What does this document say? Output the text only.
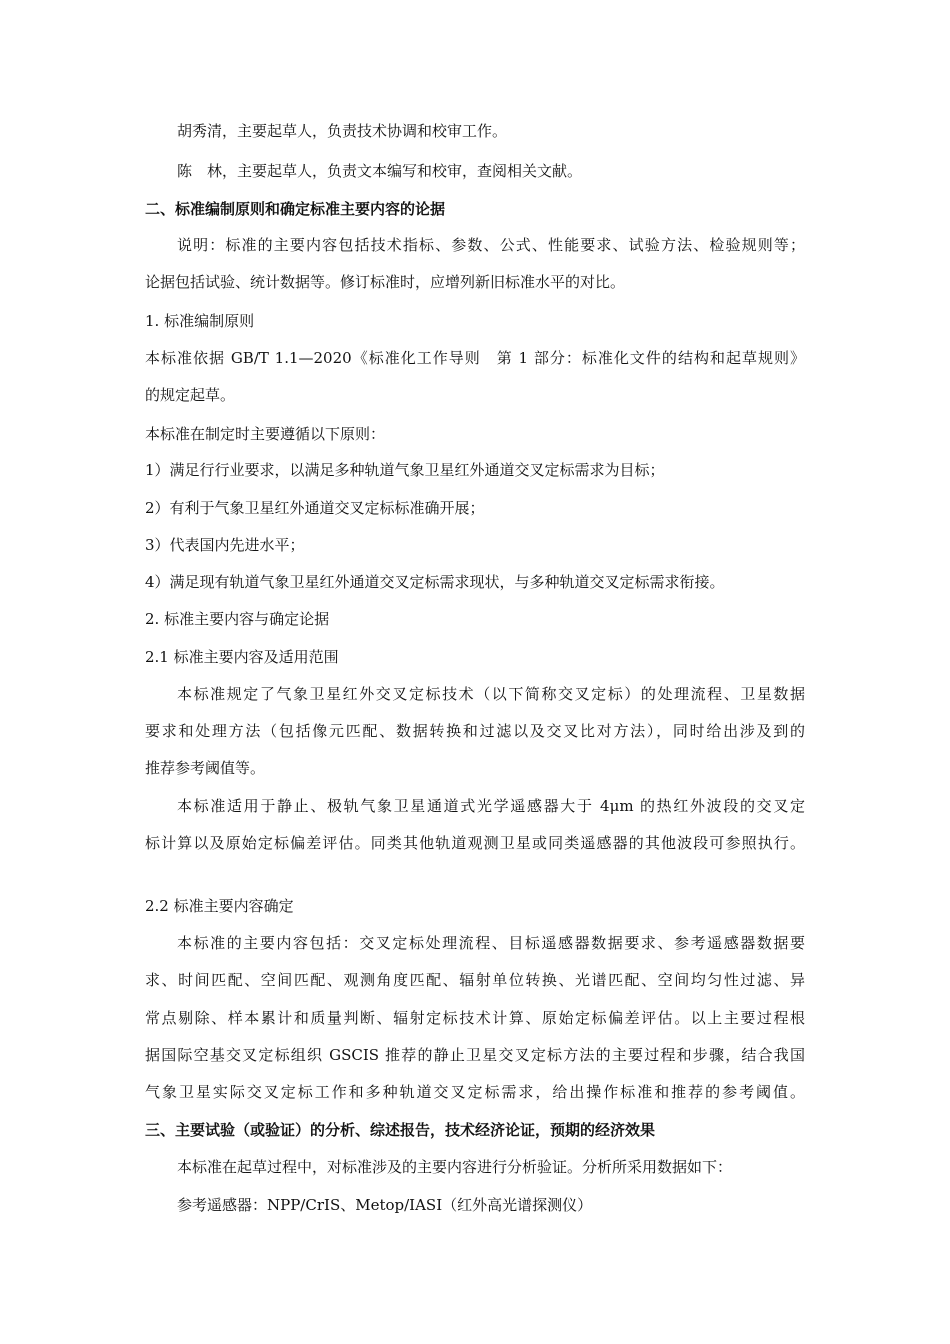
胡秀清，主要起草人，负责技术协调和校审工作。
陈　林，主要起草人，负责文本编写和校审，查阅相关文献。
二、标准编制原则和确定标准主要内容的论据
说明：标准的主要内容包括技术指标、参数、公式、性能要求、试验方法、检验规则等；
论据包括试验、统计数据等。修订标准时，应增列新旧标准水平的对比。
1. 标准编制原则
本标准依据 GB/T 1.1—2020《标准化工作导则　第 1 部分：标准化文件的结构和起草规则》
的规定起草。
本标准在制定时主要遵循以下原则：
1）满足行行业要求，以满足多种轨道气象卫星红外通道交叉定标需求为目标；
2）有利于气象卫星红外通道交叉定标标准确开展；
3）代表国内先进水平；
4）满足现有轨道气象卫星红外通道交叉定标需求现状，与多种轨道交叉定标需求衔接。
2. 标准主要内容与确定论据
2.1 标准主要内容及适用范围
本标准规定了气象卫星红外交叉定标技术（以下简称交叉定标）的处理流程、卫星数据
要求和处理方法（包括像元匹配、数据转换和过滤以及交叉比对方法），同时给出涉及到的
推荐参考阈值等。
本标准适用于静止、极轨气象卫星通道式光学遥感器大于 4μm 的热红外波段的交叉定
标计算以及原始定标偏差评估。同类其他轨道观测卫星或同类遥感器的其他波段可参照执行。
2.2 标准主要内容确定
本标准的主要内容包括：交叉定标处理流程、目标遥感器数据要求、参考遥感器数据要
求、时间匹配、空间匹配、观测角度匹配、辐射单位转换、光谱匹配、空间均匀性过滤、异
常点剔除、样本累计和质量判断、辐射定标技术计算、原始定标偏差评估。以上主要过程根
据国际空基交叉定标组织 GSCIS 推荐的静止卫星交叉定标方法的主要过程和步骤，结合我国
气象卫星实际交叉定标工作和多种轨道交叉定标需求，给出操作标准和推荐的参考阈值。
三、主要试验（或验证）的分析、综述报告，技术经济论证，预期的经济效果
本标准在起草过程中，对标准涉及的主要内容进行分析验证。分析所采用数据如下：
参考遥感器：NPP/CrIS、Metop/IASI（红外高光谱探测仪）
